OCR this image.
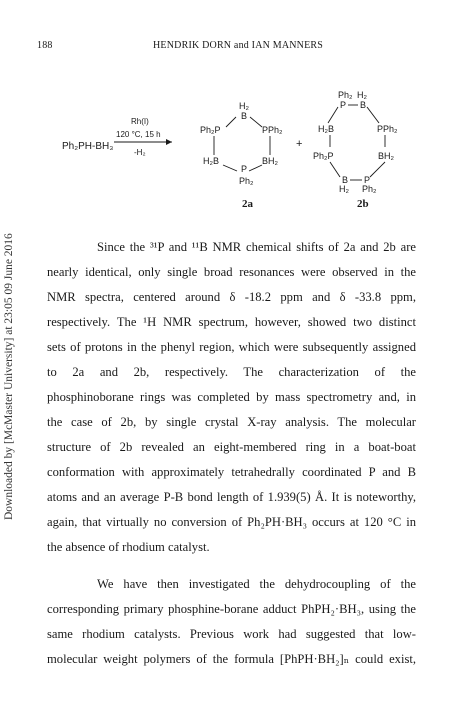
Downloaded by [McMaster University] at 23:05 09 June 2016
188	HENDRIK DORN and IAN MANNERS
Ph₂PH-BH₃
Rh(I)
120 °C, 15 h
-H₂
H₂
B
Ph₂P	PPh₂
H₂B	BH₂
P
Ph₂
+
Ph₂
P
H₂
B
H₂B	PPh₂
Ph₂P	BH₂
B
H₂
P
Ph₂
2a	2b
Since the ³¹P and ¹¹B NMR chemical shifts of 2a and 2b are
nearly identical, only single broad resonances were observed in the
NMR spectra, centered around δ -18.2 ppm and δ -33.8 ppm,
respectively. The ¹H NMR spectrum, however, showed two distinct
sets of protons in the phenyl region, which were subsequently assigned
to 2a and 2b, respectively. The characterization of the
phosphinoborane rings was completed by mass spectrometry and, in
the case of 2b, by single crystal X-ray analysis. The molecular
structure of 2b revealed an eight-membered ring in a boat-boat
conformation with approximately tetrahedrally coordinated P and B
atoms and an average P-B bond length of 1.939(5) Å. It is noteworthy,
again, that virtually no conversion of Ph₂PH·BH₃ occurs at 120 °C in
the absence of rhodium catalyst.
We have then investigated the dehydrocoupling of the
corresponding primary phosphine-borane adduct PhPH₂·BH₃, using the
same rhodium catalysts. Previous work had suggested that low-
molecular weight polymers of the formula [PhPH·BH₂]ₙ could exist,
